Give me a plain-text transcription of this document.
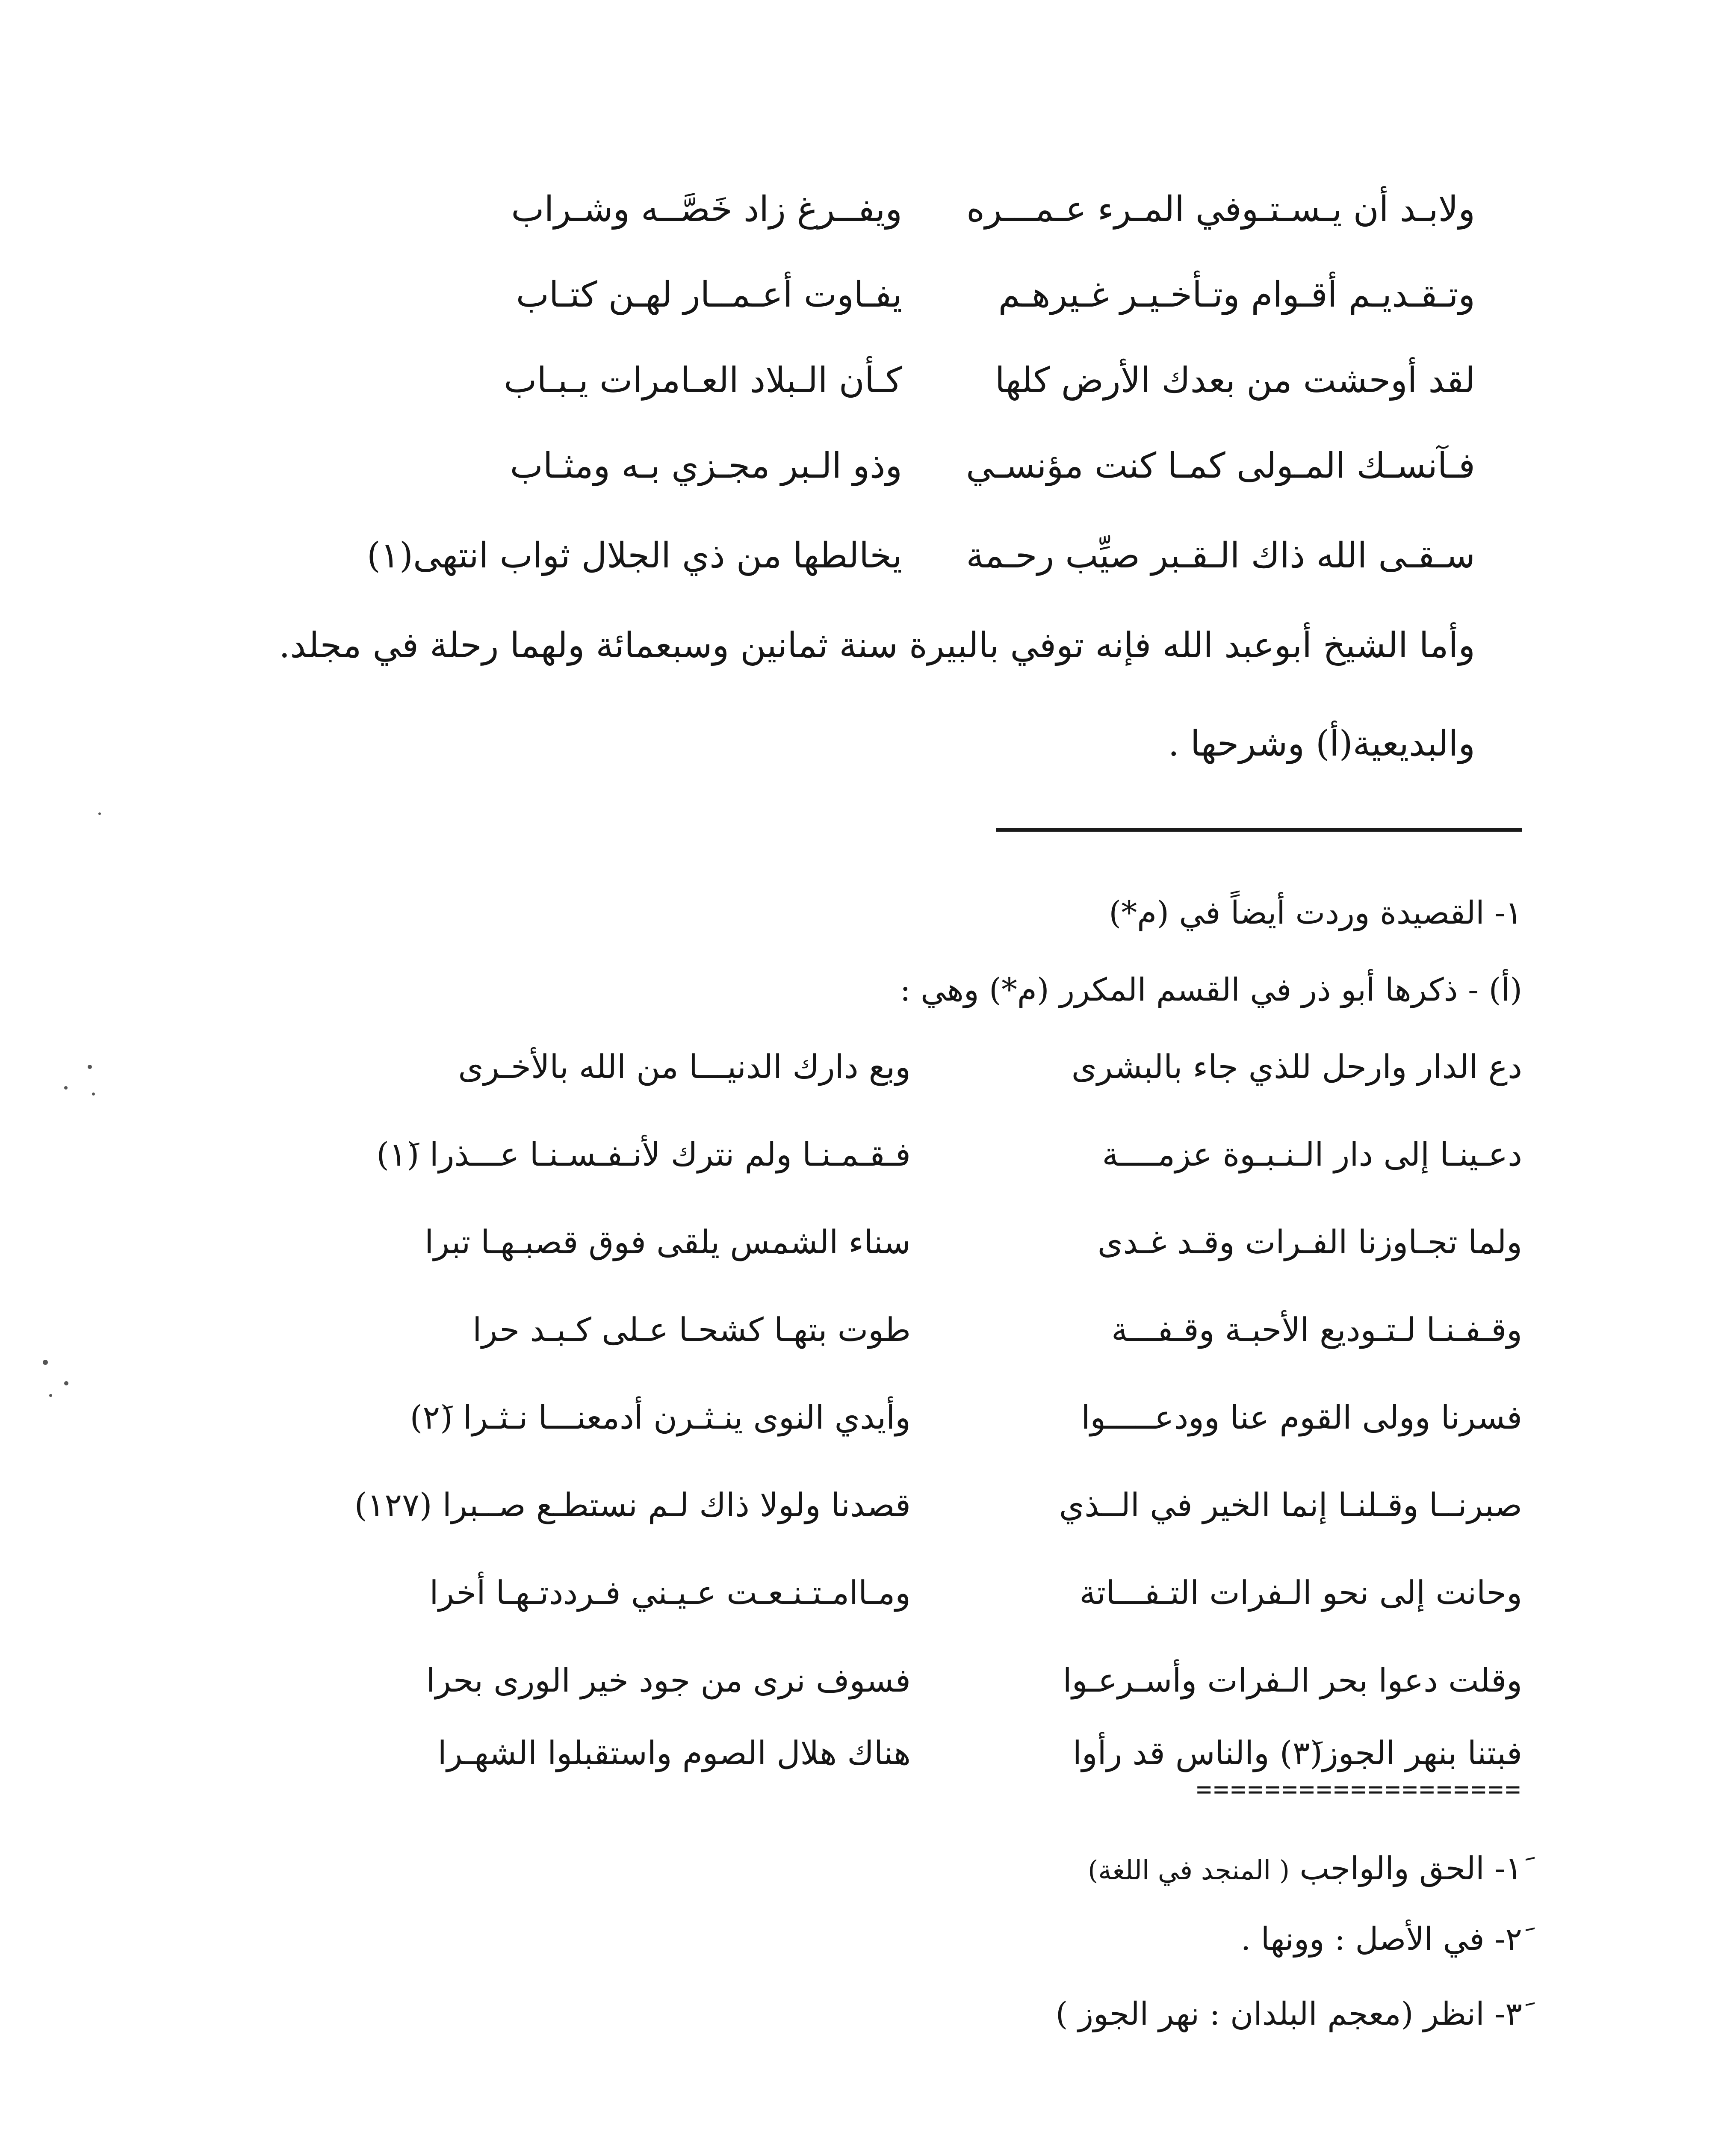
ولابـد أن يـسـتـوفي المـرء عـمـــره
ويفــرغ زاد خَصَّــه وشـراب
وتـقـديـم أقـوام وتـأخـيـر غـيرهـم
يفـاوت أعـمــار لهـن كتـاب
لقد أوحشت من بعدك الأرض كلها
كـأن الـبلاد العـامرات يـبـاب
فـآنسـك المـولى كمـا كنت مؤنسـي
وذو الـبر مجـزي بـه ومثـاب
سـقـى الله ذاك الـقـبر صيِّب رحـمة
يخالطها من ذي الجلال ثواب انتهى(١)
وأما الشيخ أبوعبد الله فإنه توفي بالبيرة سنة ثمانين وسبعمائة ولهما رحلة في مجلد.
والبديعية(أ) وشرحها .
١- القصيدة وردت أيضاً في (م*)
(أ) - ذكرها أبو ذر في القسم المكرر (م*) وهي :
دع الدار وارحل للذي جاء بالبشرى
وبع دارك الدنيـــا من الله بالأخـرى
دعـينـا إلى دار الـنـبـوة عزمــــة
فـقـمـنـا ولم نترك لأنـفـسـنـا عـــذرا (١َ)
ولما تجـاوزنا الفـرات وقـد غـدى
سناء الشمس يلقى فوق قصبـهـا تبرا
وقـفـنـا لـتـوديع الأحبـة وقـفـــة
طوت بتهـا كشحـا عـلى كـبـد حرا
فسرنا وولى القوم عنا وودعـــــوا
وأيدي النوى ينـثـرن أدمعنـــا نـثـرا (٢َ)
صبرنــا وقـلنـا إنما الخير في الــذي
قصدنا ولولا ذاك لـم نستطـع صــبرا (١٢٧)
وحانت إلى نحو الـفرات التـفـــاتة
ومـاامـتـنـعـت عـيـني فـرددتـهـا أخرا
وقلت دعوا بحر الـفرات وأسـرعـوا
فسوف نرى من جود خير الورى بحرا
فبتنا بنهر الجوز(٣َ) والناس قد رأوا
هناك هلال الصوم واستقبلوا الشهـرا
===================
١َ- الحق والواجب ( المنجد في اللغة)
٢َ- في الأصل : وونها .
٣َ- انظر (معجم البلدان : نهر الجوز )
